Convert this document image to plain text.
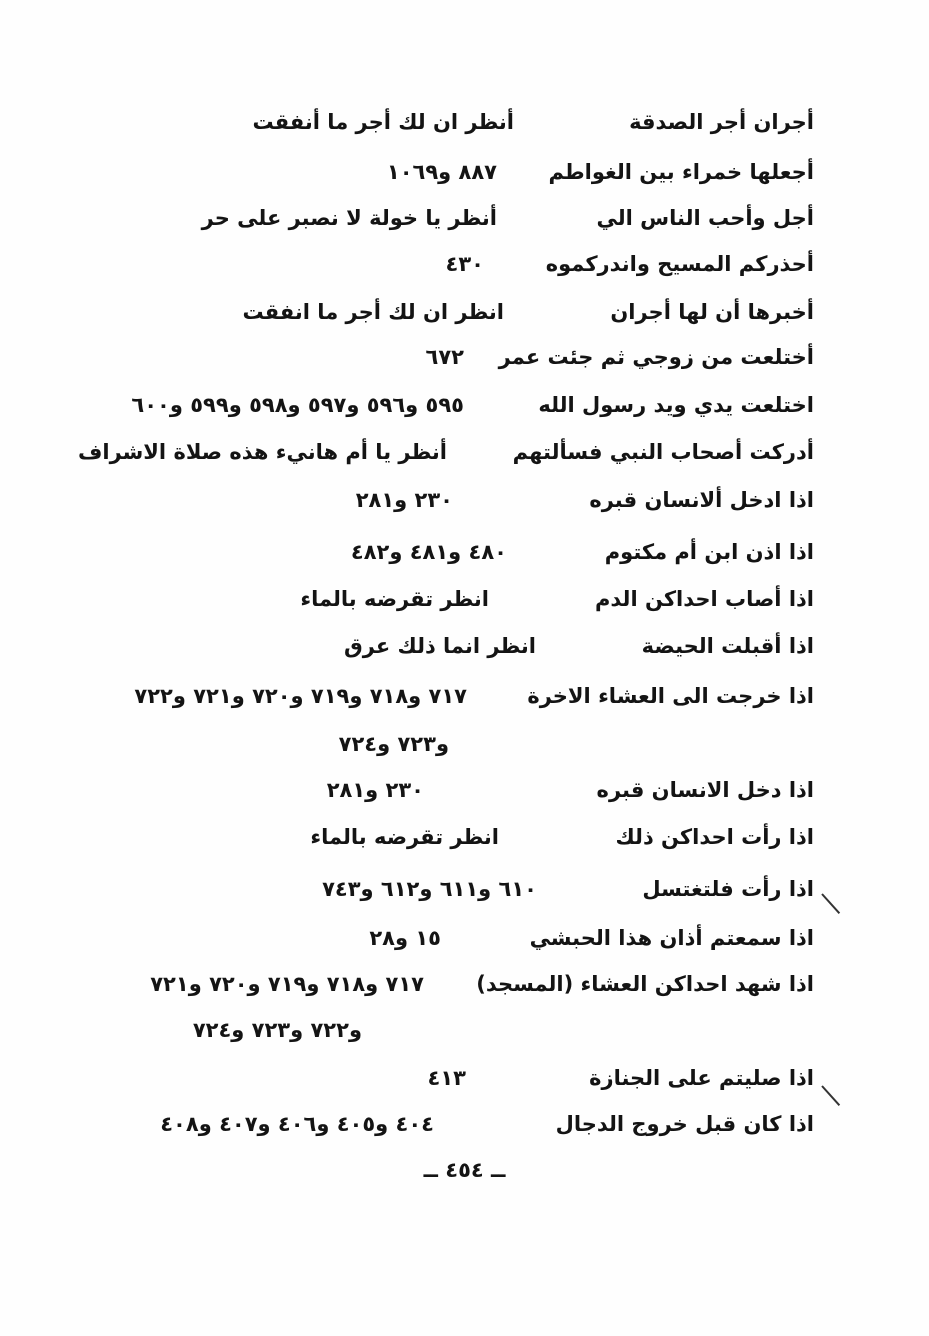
أجران أجر الصدقة
أنظر ان لك أجر ما أنفقت
أجعلها خمراء بين الغواطم
٨٨٧ و١٠٦٩
أجل وأحب الناس الي
أنظر يا خولة لا نصبر على حر
أحذركم المسيح واندركموه
٤٣٠
أخبرها أن لها أجران
انظر ان لك أجر ما انفقت
أختلعت من زوجي ثم جئت عمر
٦٧٢
اختلعت يدي ويد رسول الله
٥٩٥ و٥٩٦ و٥٩٧ و٥٩٨ و٥٩٩ و٦٠٠
أدركت أصحاب النبي فسألتهم
أنظر يا أم هانيء هذه صلاة الاشراف
اذا ادخل ألانسان قبره
٢٣٠ و٢٨١
اذا اذن ابن أم مكتوم
٤٨٠ و٤٨١ و٤٨٢
اذا أصاب احداكن الدم
انظر تقرضه بالماء
اذا أقبلت الحيضة
انظر انما ذلك عرق
اذا خرجت الى العشاء الاخرة
٧١٧ و٧١٨ و٧١٩ و٧٢٠ و٧٢١ و٧٢٢
و٧٢٣ و٧٢٤
اذا دخل الانسان قبره
٢٣٠ و٢٨١
اذا رأت احداكن ذلك
انظر تقرضه بالماء
اذا رأت فلتغتسل
٦١٠ و٦١١ و٦١٢ و٧٤٣
اذا سمعتم أذان هذا الحبشي
١٥ و٢٨
اذا شهد احداكن العشاء (المسجد)
٧١٧ و٧١٨ و٧١٩ و٧٢٠ و٧٢١
و٧٢٢ و٧٢٣ و٧٢٤
اذا صليتم على الجنازة
٤١٣
اذا كان قبل خروج الدجال
٤٠٤ و٤٠٥ و٤٠٦ و٤٠٧ و٤٠٨
ــ ٤٥٤ ــ
